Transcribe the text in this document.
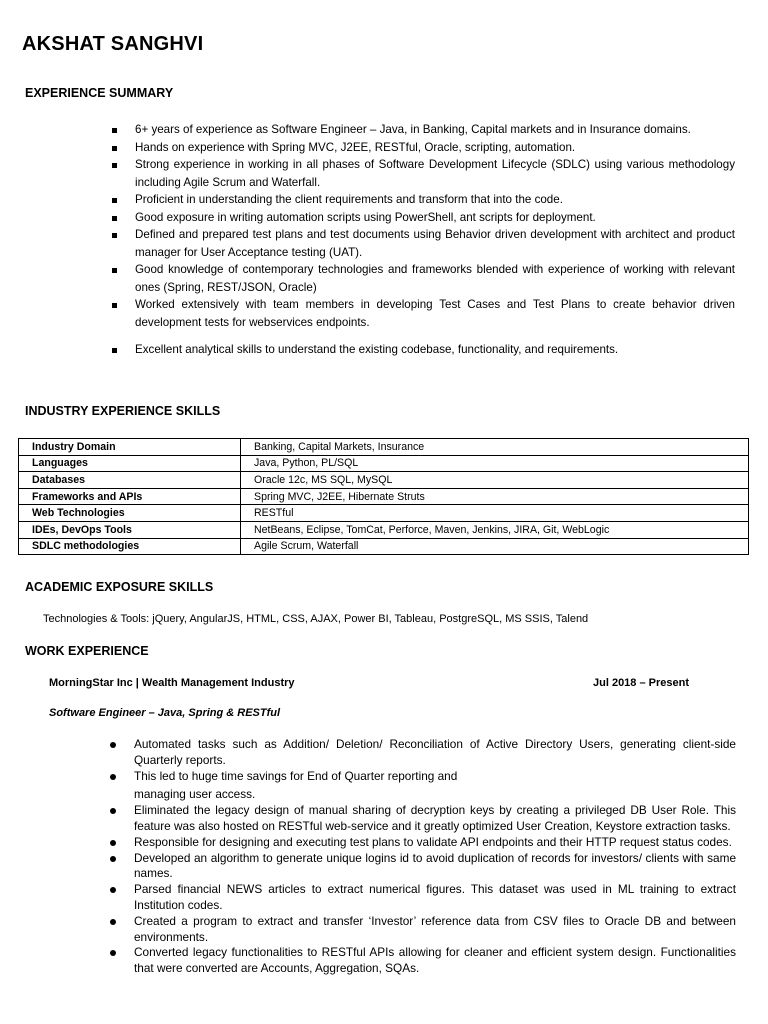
AKSHAT SANGHVI
EXPERIENCE SUMMARY
6+ years of experience as Software Engineer – Java, in Banking, Capital markets and in Insurance domains.
Hands on experience with Spring MVC, J2EE, RESTful, Oracle, scripting, automation.
Strong experience in working in all phases of Software Development Lifecycle (SDLC) using various methodology including Agile Scrum and Waterfall.
Proficient in understanding the client requirements and transform that into the code.
Good exposure in writing automation scripts using PowerShell, ant scripts for deployment.
Defined and prepared test plans and test documents using Behavior driven development with architect and product manager for User Acceptance testing (UAT).
Good knowledge of contemporary technologies and frameworks blended with experience of working with relevant ones (Spring, REST/JSON, Oracle)
Worked extensively with team members in developing Test Cases and Test Plans to create behavior driven development tests for webservices endpoints.
Excellent analytical skills to understand the existing codebase, functionality, and requirements.
INDUSTRY EXPERIENCE SKILLS
Industry Domain	Banking, Capital Markets, Insurance
Languages	Java, Python, PL/SQL
Databases	Oracle 12c, MS SQL, MySQL
Frameworks and APIs	Spring MVC, J2EE, Hibernate Struts
Web Technologies	RESTful
IDEs, DevOps Tools	NetBeans, Eclipse, TomCat, Perforce, Maven, Jenkins, JIRA, Git, WebLogic
SDLC methodologies	Agile Scrum, Waterfall
ACADEMIC EXPOSURE SKILLS

Technologies & Tools: jQuery, AngularJS, HTML, CSS, AJAX, Power BI, Tableau, PostgreSQL, MS SSIS, Talend

WORK EXPERIENCE

MorningStar Inc | Wealth Management Industry	Jul 2018 – Present

Software Engineer – Java, Spring & RESTful

Automated tasks such as Addition/ Deletion/ Reconciliation of Active Directory Users, generating client-side Quarterly reports.
This led to huge time savings for End of Quarter reporting and
managing user access.
Eliminated the legacy design of manual sharing of decryption keys by creating a privileged DB User Role. This feature was also hosted on RESTful web-service and it greatly optimized User Creation, Keystore extraction tasks.
Responsible for designing and executing test plans to validate API endpoints and their HTTP request status codes.
Developed an algorithm to generate unique logins id to avoid duplication of records for investors/ clients with same names.
Parsed financial NEWS articles to extract numerical figures. This dataset was used in ML training to extract Institution codes.
Created a program to extract and transfer ‘Investor’ reference data from CSV files to Oracle DB and between environments.
Converted legacy functionalities to RESTful APIs allowing for cleaner and efficient system design. Functionalities that were converted are Accounts, Aggregation, SQAs.
